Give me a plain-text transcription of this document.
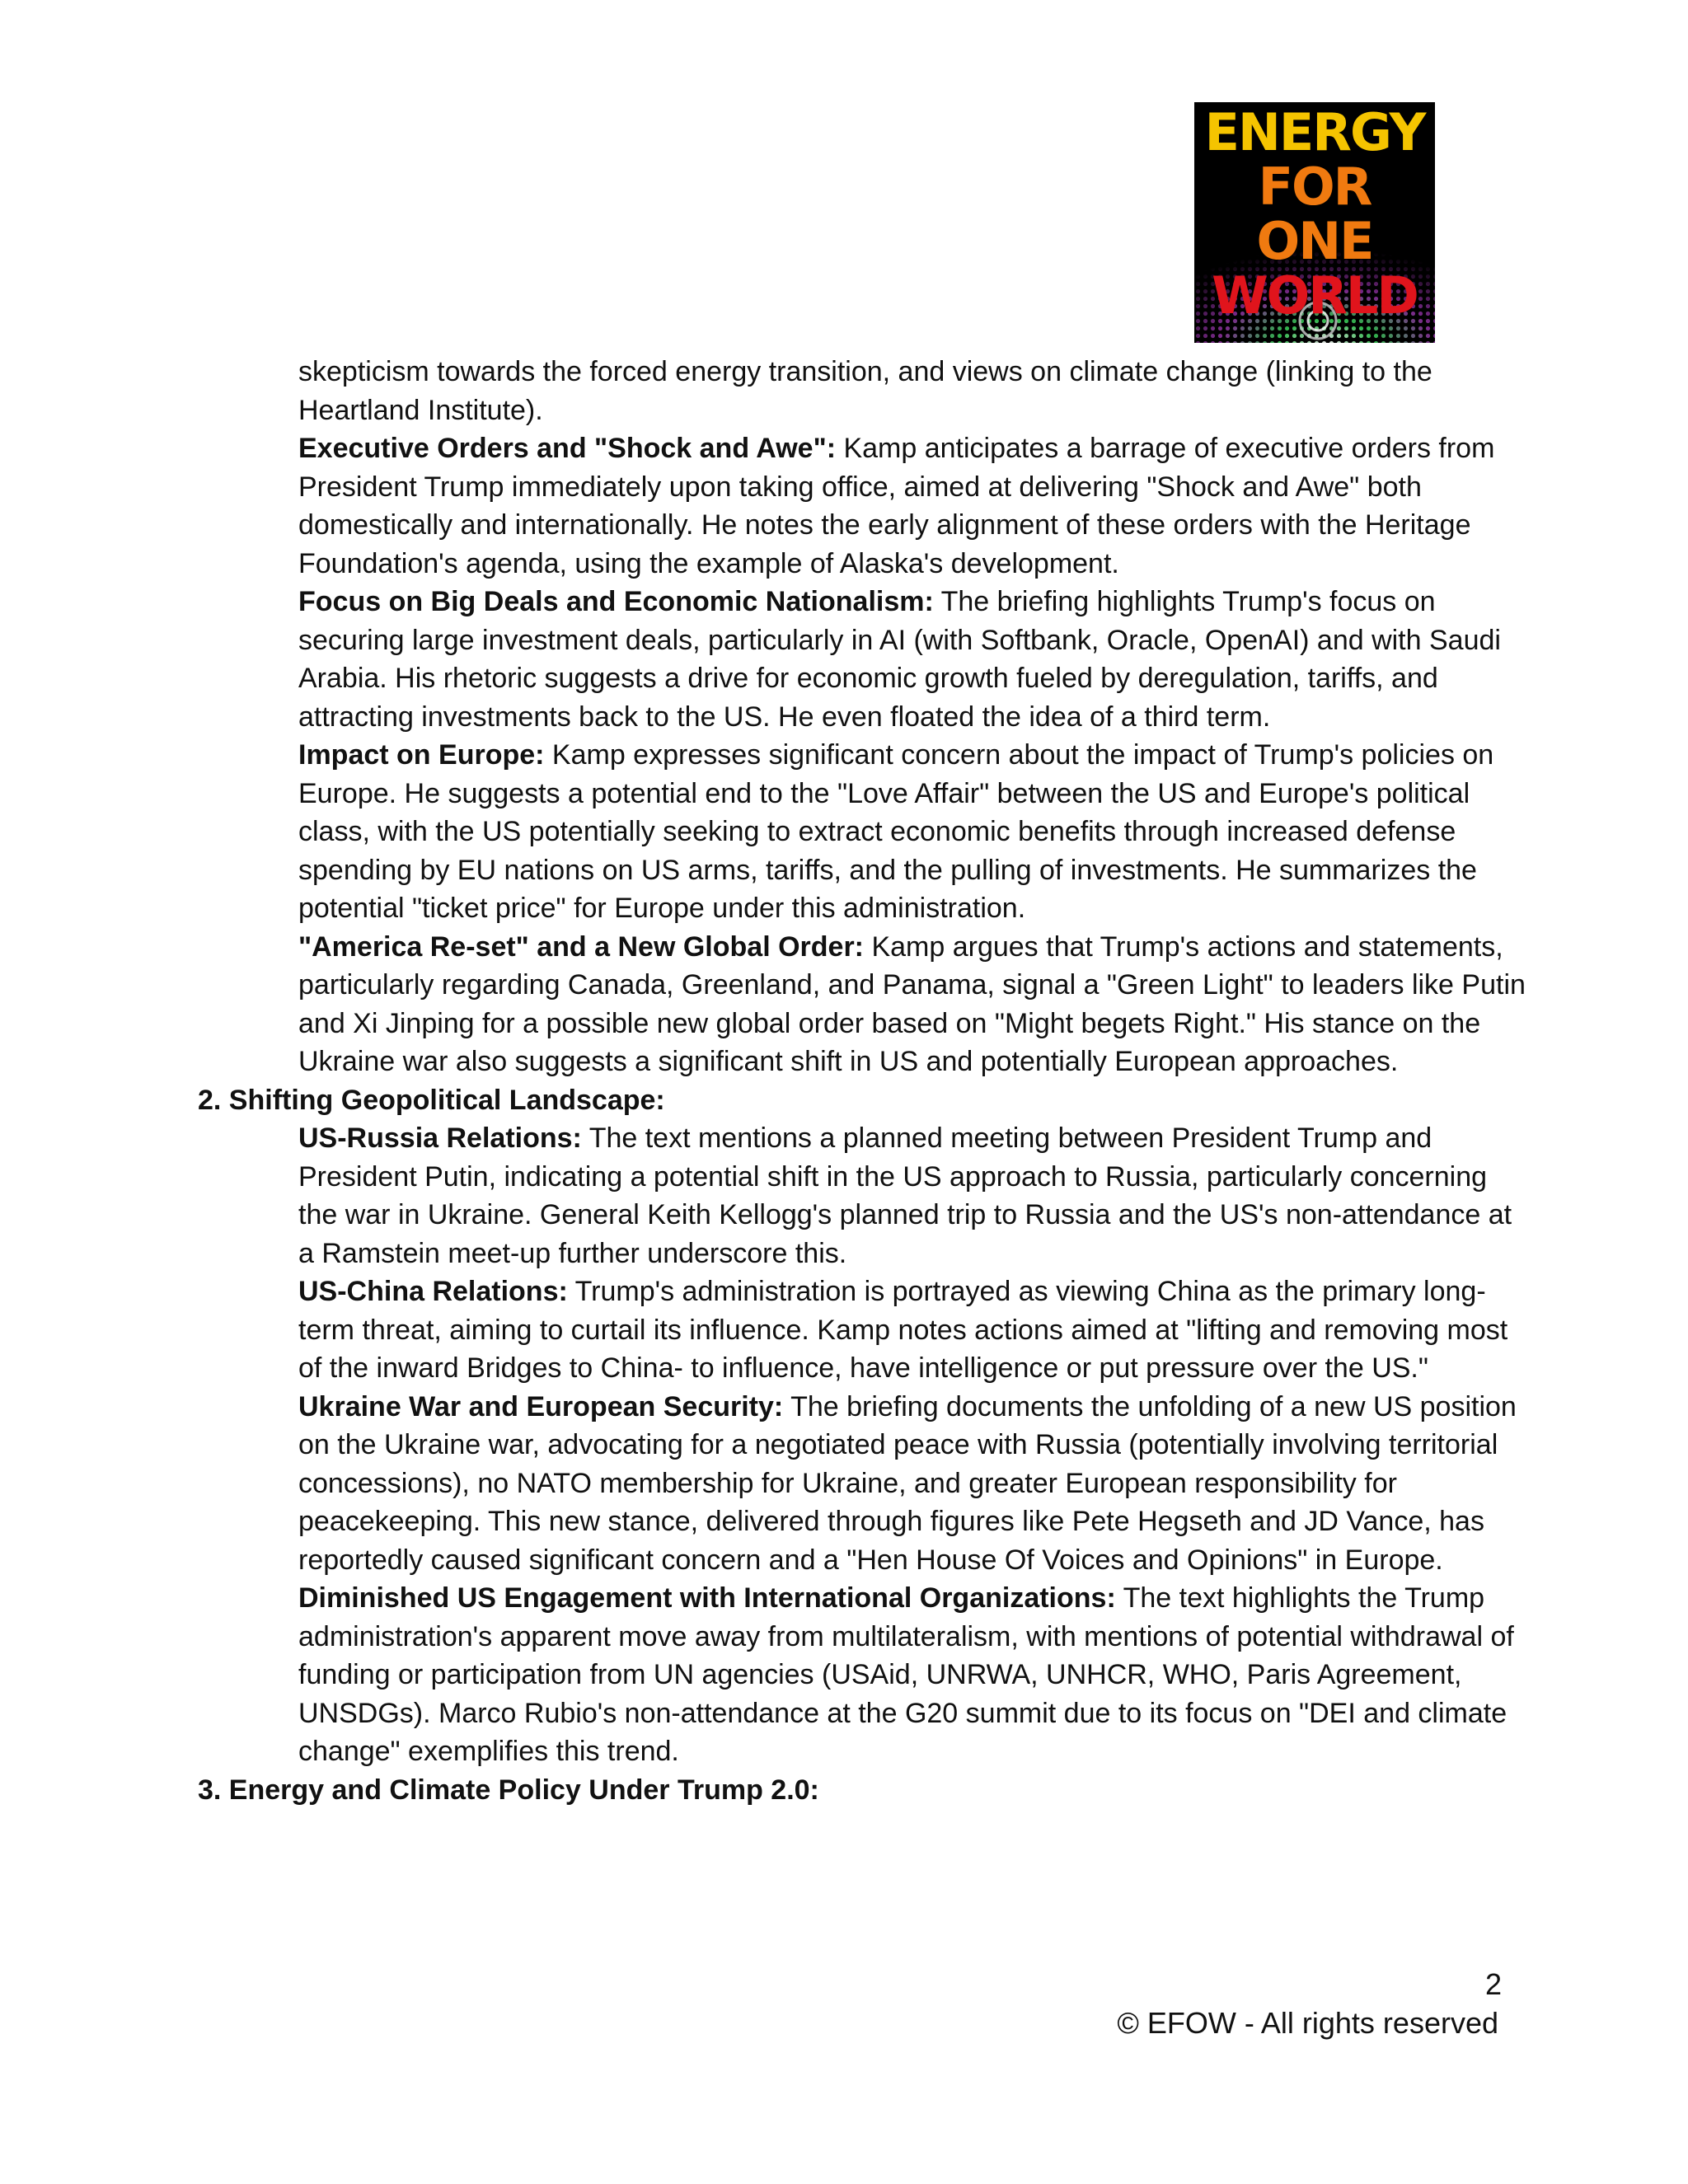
ENERGY
FOR ONE
WORLD

skepticism towards the forced energy transition, and views on climate change (linking to the Heartland Institute).

Executive Orders and "Shock and Awe": Kamp anticipates a barrage of executive orders from President Trump immediately upon taking office, aimed at delivering "Shock and Awe" both domestically and internationally. He notes the early alignment of these orders with the Heritage Foundation's agenda, using the example of Alaska's development.

Focus on Big Deals and Economic Nationalism: The briefing highlights Trump's focus on securing large investment deals, particularly in AI (with Softbank, Oracle, OpenAI) and with Saudi Arabia. His rhetoric suggests a drive for economic growth fueled by deregulation, tariffs, and attracting investments back to the US. He even floated the idea of a third term.

Impact on Europe: Kamp expresses significant concern about the impact of Trump's policies on Europe. He suggests a potential end to the "Love Affair" between the US and Europe's political class, with the US potentially seeking to extract economic benefits through increased defense spending by EU nations on US arms, tariffs, and the pulling of investments. He summarizes the potential "ticket price" for Europe under this administration.

"America Re-set" and a New Global Order: Kamp argues that Trump's actions and statements, particularly regarding Canada, Greenland, and Panama, signal a "Green Light" to leaders like Putin and Xi Jinping for a possible new global order based on "Might begets Right." His stance on the Ukraine war also suggests a significant shift in US and potentially European approaches.

2. Shifting Geopolitical Landscape:

US-Russia Relations: The text mentions a planned meeting between President Trump and President Putin, indicating a potential shift in the US approach to Russia, particularly concerning the war in Ukraine. General Keith Kellogg's planned trip to Russia and the US's non-attendance at a Ramstein meet-up further underscore this.

US-China Relations: Trump's administration is portrayed as viewing China as the primary long-term threat, aiming to curtail its influence. Kamp notes actions aimed at "lifting and removing most of the inward Bridges to China- to influence, have intelligence or put pressure over the US."

Ukraine War and European Security: The briefing documents the unfolding of a new US position on the Ukraine war, advocating for a negotiated peace with Russia (potentially involving territorial concessions), no NATO membership for Ukraine, and greater European responsibility for peacekeeping. This new stance, delivered through figures like Pete Hegseth and JD Vance, has reportedly caused significant concern and a "Hen House Of Voices and Opinions" in Europe.

Diminished US Engagement with International Organizations: The text highlights the Trump administration's apparent move away from multilateralism, with mentions of potential withdrawal of funding or participation from UN agencies (USAid, UNRWA, UNHCR, WHO, Paris Agreement, UNSDGs). Marco Rubio's non-attendance at the G20 summit due to its focus on "DEI and climate change" exemplifies this trend.

3. Energy and Climate Policy Under Trump 2.0:

2
© EFOW - All rights reserved
